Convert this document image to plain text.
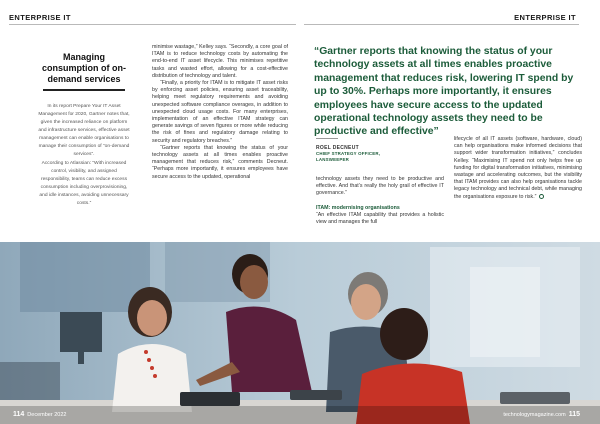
ENTERPRISE IT	ENTERPRISE IT
Managing consumption of on-demand services

In its report Prepare Your IT Asset Management for 2020, Gartner notes that, given the increased reliance on platform and infrastructure services, effective asset management can enable organisations to manage their consumption of “on-demand services”.

According to Atlassian: “With increased control, visibility, and assigned responsibility, teams can reduce excess consumption including overprovisioning, and idle instances, avoiding unnecessary costs.”

minimise wastage,” Kelley says. “Secondly, a core goal of ITAM is to reduce technology costs by automating the end-to-end IT asset lifecycle. This minimises repetitive tasks and wasted effort, allowing for a cost-effective distribution of technology and talent.

“Finally, a priority for ITAM is to mitigate IT asset risks by enforcing asset policies, ensuring asset traceability, helping meet regulatory requirements and avoiding unexpected software compliance overages, in addition to unexpected cloud usage costs. For many enterprises, implementation of an effective ITAM strategy can generate savings of seven figures or more while reducing the risk of fines and regulatory damage relating to security and regulatory breaches.”

“Gartner reports that knowing the status of your technology assets at all times enables proactive management that reduces risk,” comments Decneut. “Perhaps more importantly, it ensures employees have secure access to the updated, operational

“Gartner reports that knowing the status of your technology assets at all times enables proactive management that reduces risk, lowering IT spend by up to 30%. Perhaps more importantly, it ensures employees have secure access to the updated operational technology assets they need to be productive and effective”
ROEL DECNEUT
CHIEF STRATEGY OFFICER, LANSWEEPER

technology assets they need to be productive and effective. And that’s really the holy grail of effective IT governance.”

ITAM: modernising organisations

“An effective ITAM capability that provides a holistic view and manages the full

lifecycle of all IT assets (software, hardware, cloud) can help organisations make informed decisions that support wider transformation initiatives,” concludes Kelley. “Maximising IT spend not only helps free up funding for digital transformation initiatives, minimising wastage and accelerating outcomes, but the visibility that ITAM provides can also help organisations tackle legacy technology and technical debt, while managing the organisations exposure to risk.”

114 December 2022	technologymagazine.com 115
